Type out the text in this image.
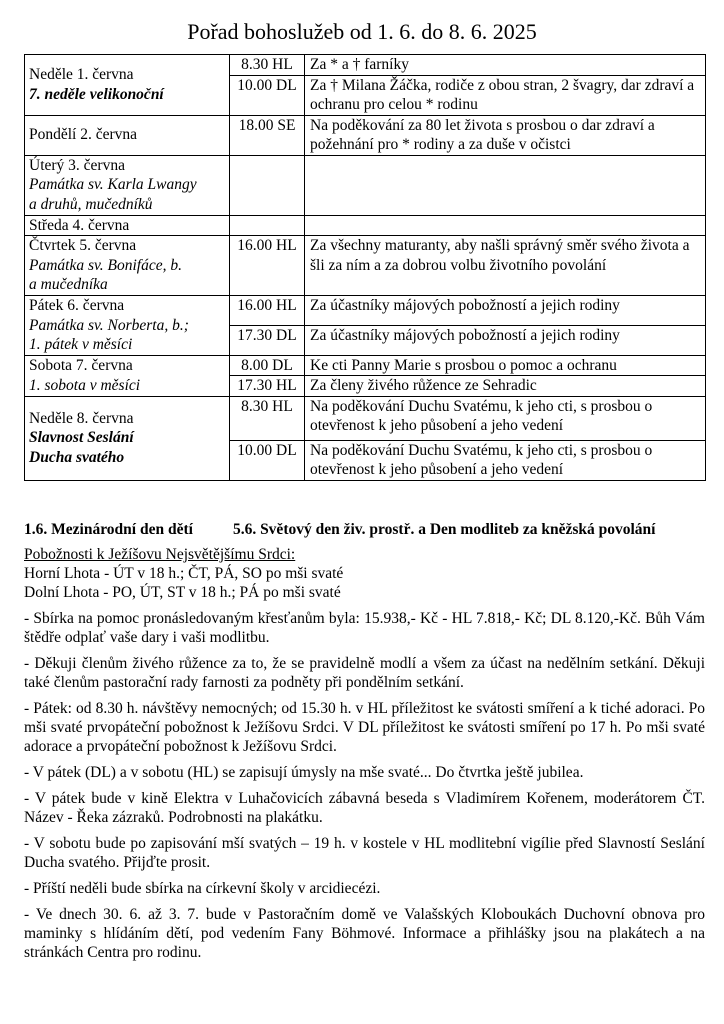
Pořad bohoslužeb od 1. 6. do 8. 6. 2025
Neděle 1. června
7. neděle velikonoční	8.30 HL	Za * a † farníky
	10.00 DL	Za † Milana Žáčka, rodiče z obou stran, 2 švagry, dar zdraví a ochranu pro celou * rodinu

Pondělí 2. června	18.00 SE	Na poděkování za 80 let života s prosbou o dar zdraví a požehnání pro * rodiny a za duše v očistci

Úterý 3. června
Památka sv. Karla Lwangy
a druhů, mučedníků		

Středa 4. června		

Čtvrtek 5. června
Památka sv. Bonifáce, b.
a mučedníka	16.00 HL	Za všechny maturanty, aby našli správný směr svého života a šli za ním a za dobrou volbu životního povolání

Pátek 6. června
Památka sv. Norberta, b.;
1. pátek v měsíci	16.00 HL	Za účastníky májových pobožností a jejich rodiny
	17.30 DL	Za účastníky májových pobožností a jejich rodiny

Sobota 7. června
1. sobota v měsíci	8.00 DL	Ke cti Panny Marie s prosbou o pomoc a ochranu
	17.30 HL	Za členy živého růžence ze Sehradic

Neděle 8. června
Slavnost Seslání
Ducha svatého	8.30 HL	Na poděkování Duchu Svatému, k jeho cti, s prosbou o otevřenost k jeho působení a jeho vedení
	10.00 DL	Na poděkování Duchu Svatému, k jeho cti, s prosbou o otevřenost k jeho působení a jeho vedení
1.6. Mezinárodní den dětí	5.6. Světový den živ. prostř. a Den modliteb za kněžská povolání
Pobožnosti k Ježíšovu Nejsvětějšímu Srdci:
Horní Lhota - ÚT v 18 h.; ČT, PÁ, SO po mši svaté
Dolní Lhota - PO, ÚT, ST v 18 h.; PÁ po mši svaté
- Sbírka na pomoc pronásledovaným křesťanům byla: 15.938,- Kč - HL 7.818,- Kč; DL 8.120,-Kč. Bůh Vám štědře odplať vaše dary i vaši modlitbu.
- Děkuji členům živého růžence za to, že se pravidelně modlí a všem za účast na nedělním setkání. Děkuji také členům pastorační rady farnosti za podněty při pondělním setkání.
- Pátek: od 8.30 h. návštěvy nemocných; od 15.30 h. v HL příležitost ke svátosti smíření a k tiché adoraci. Po mši svaté prvopáteční pobožnost k Ježíšovu Srdci. V DL příležitost ke svátosti smíření po 17 h. Po mši svaté adorace a prvopáteční pobožnost k Ježíšovu Srdci.
- V pátek (DL) a v sobotu (HL) se zapisují úmysly na mše svaté... Do čtvrtka ještě jubilea.
- V pátek bude v kině Elektra v Luhačovicích zábavná beseda s Vladimírem Kořenem, moderátorem ČT. Název - Řeka zázraků. Podrobnosti na plakátku.
- V sobotu bude po zapisování mší svatých – 19 h. v kostele v HL modlitební vigílie před Slavností Seslání Ducha svatého. Přijďte prosit.
- Příští neděli bude sbírka na církevní školy v arcidiecézi.
- Ve dnech 30. 6. až 3. 7. bude v Pastoračním domě ve Valašských Kloboukách Duchovní obnova pro maminky s hlídáním dětí, pod vedením Fany Böhmové. Informace a přihlášky jsou na plakátech a na stránkách Centra pro rodinu.
